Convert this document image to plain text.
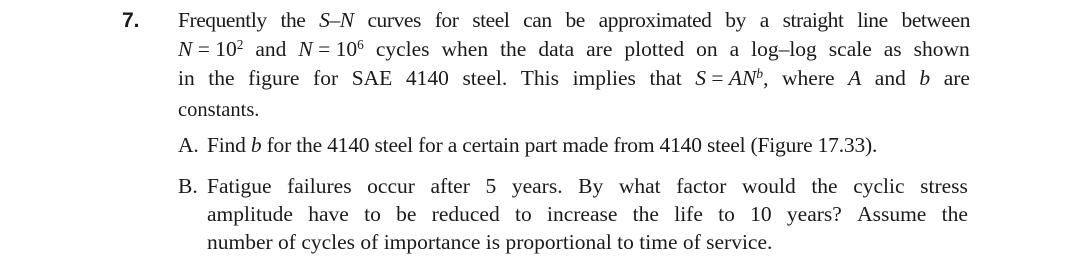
7. Frequently the S–N curves for steel can be approximated by a straight line between
$N = 10^2$ and $N = 10^6$ cycles when the data are plotted on a log–log scale as shown
in the figure for SAE 4140 steel. This implies that $S = AN^b$, where A and b are
constants.
A. Find b for the 4140 steel for a certain part made from 4140 steel (Figure 17.33).
B. Fatigue failures occur after 5 years. By what factor would the cyclic stress
amplitude have to be reduced to increase the life to 10 years? Assume the
number of cycles of importance is proportional to time of service.
